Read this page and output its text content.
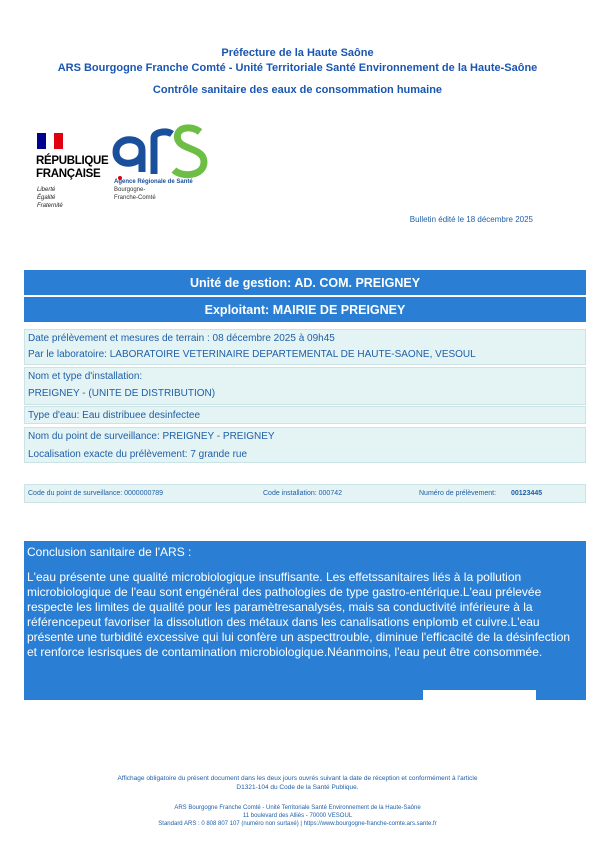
Préfecture de la Haute Saône
ARS Bourgogne Franche Comté - Unité Territoriale Santé Environnement de la Haute-Saône
Contrôle sanitaire des eaux de consommation humaine
RÉPUBLIQUE
FRANÇAISE
Liberté
Égalité
Fraternité
Agence Régionale de Santé
Bourgogne-
Franche-Comté
Bulletin édité le 18 décembre 2025
Unité de gestion: AD. COM. PREIGNEY
Exploitant: MAIRIE DE PREIGNEY
Date prélèvement et mesures de terrain : 08 décembre 2025 à 09h45
Par le laboratoire: LABORATOIRE VETERINAIRE DEPARTEMENTAL DE HAUTE-SAONE, VESOUL
Nom et type d'installation:
PREIGNEY - (UNITE DE DISTRIBUTION)
Type d'eau: Eau distribuee desinfectee
Nom du point de surveillance: PREIGNEY - PREIGNEY
Localisation exacte du prélèvement: 7 grande rue
Code du point de surveillance: 0000000789	Code installation: 000742	Numéro de prélèvement: 00123445
Conclusion sanitaire de l'ARS :

L'eau présente une qualité microbiologique insuffisante. Les effetssanitaires liés à la pollution microbiologique de l'eau sont engénéral des pathologies de type gastro-entérique.L'eau prélevée respecte les limites de qualité pour les paramètresanalysés, mais sa conductivité inférieure à la référencepeut favoriser la dissolution des métaux dans les canalisations enplomb et cuivre.L'eau présente une turbidité excessive qui lui confère un aspecttrouble, diminue l'efficacité de la désinfection et renforce lesrisques de contamination microbiologique.Néanmoins, l'eau peut être consommée.

Affichage obligatoire du présent document dans les deux jours ouvrés suivant la date de réception et conformément à l'article
D1321-104 du Code de la Santé Publique.
ARS Bourgogne Franche Comté - Unité Territoriale Santé Environnement de la Haute-Saône
11 boulevard des Alliés - 70000 VESOUL
Standard ARS : 0 808 807 107 (numéro non surtaxé) | https://www.bourgogne-franche-comte.ars.sante.fr
